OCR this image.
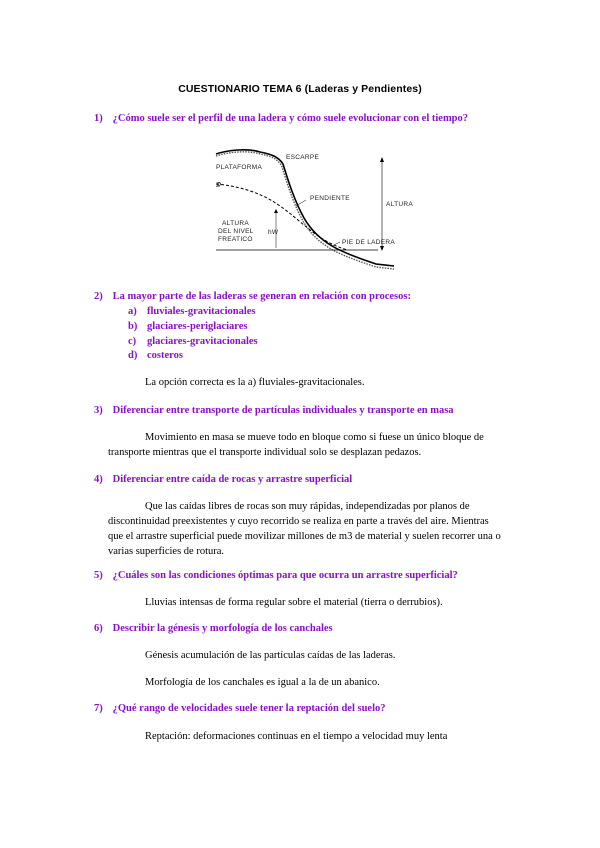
CUESTIONARIO TEMA 6 (Laderas y Pendientes)
1) ¿Cómo suele ser el perfil de una ladera y cómo suele evolucionar con el tiempo?
ESCARPE
PLATAFORMA
Z
PENDIENTE
ALTURA
ALTURA
DEL NIVEL
FREATICO
hW
PIE DE LADERA
2) La mayor parte de las laderas se generan en relación con procesos:
a) fluviales-gravitacionales
b) glaciares-periglaciares
c) glaciares-gravitacionales
d) costeros
La opción correcta es la a) fluviales-gravitacionales.
3) Diferenciar entre transporte de partículas individuales y transporte en masa
Movimiento en masa se mueve todo en bloque como si fuese un único bloque de
transporte mientras que el transporte individual solo se desplazan pedazos.
4) Diferenciar entre caída de rocas y arrastre superficial
Que las caídas libres de rocas son muy rápidas, independizadas por planos de
discontinuidad preexistentes y cuyo recorrido se realiza en parte a través del aire. Mientras
que el arrastre superficial puede movilizar millones de m3 de material y suelen recorrer una o
varias superficies de rotura.
5) ¿Cuáles son las condiciones óptimas para que ocurra un arrastre superficial?
Lluvias intensas de forma regular sobre el material (tierra o derrubios).
6) Describir la génesis y morfología de los canchales
Génesis acumulación de las partículas caídas de las laderas.
Morfología de los canchales es igual a la de un abanico.
7) ¿Qué rango de velocidades suele tener la reptación del suelo?
Reptación: deformaciones continuas en el tiempo a velocidad muy lenta
